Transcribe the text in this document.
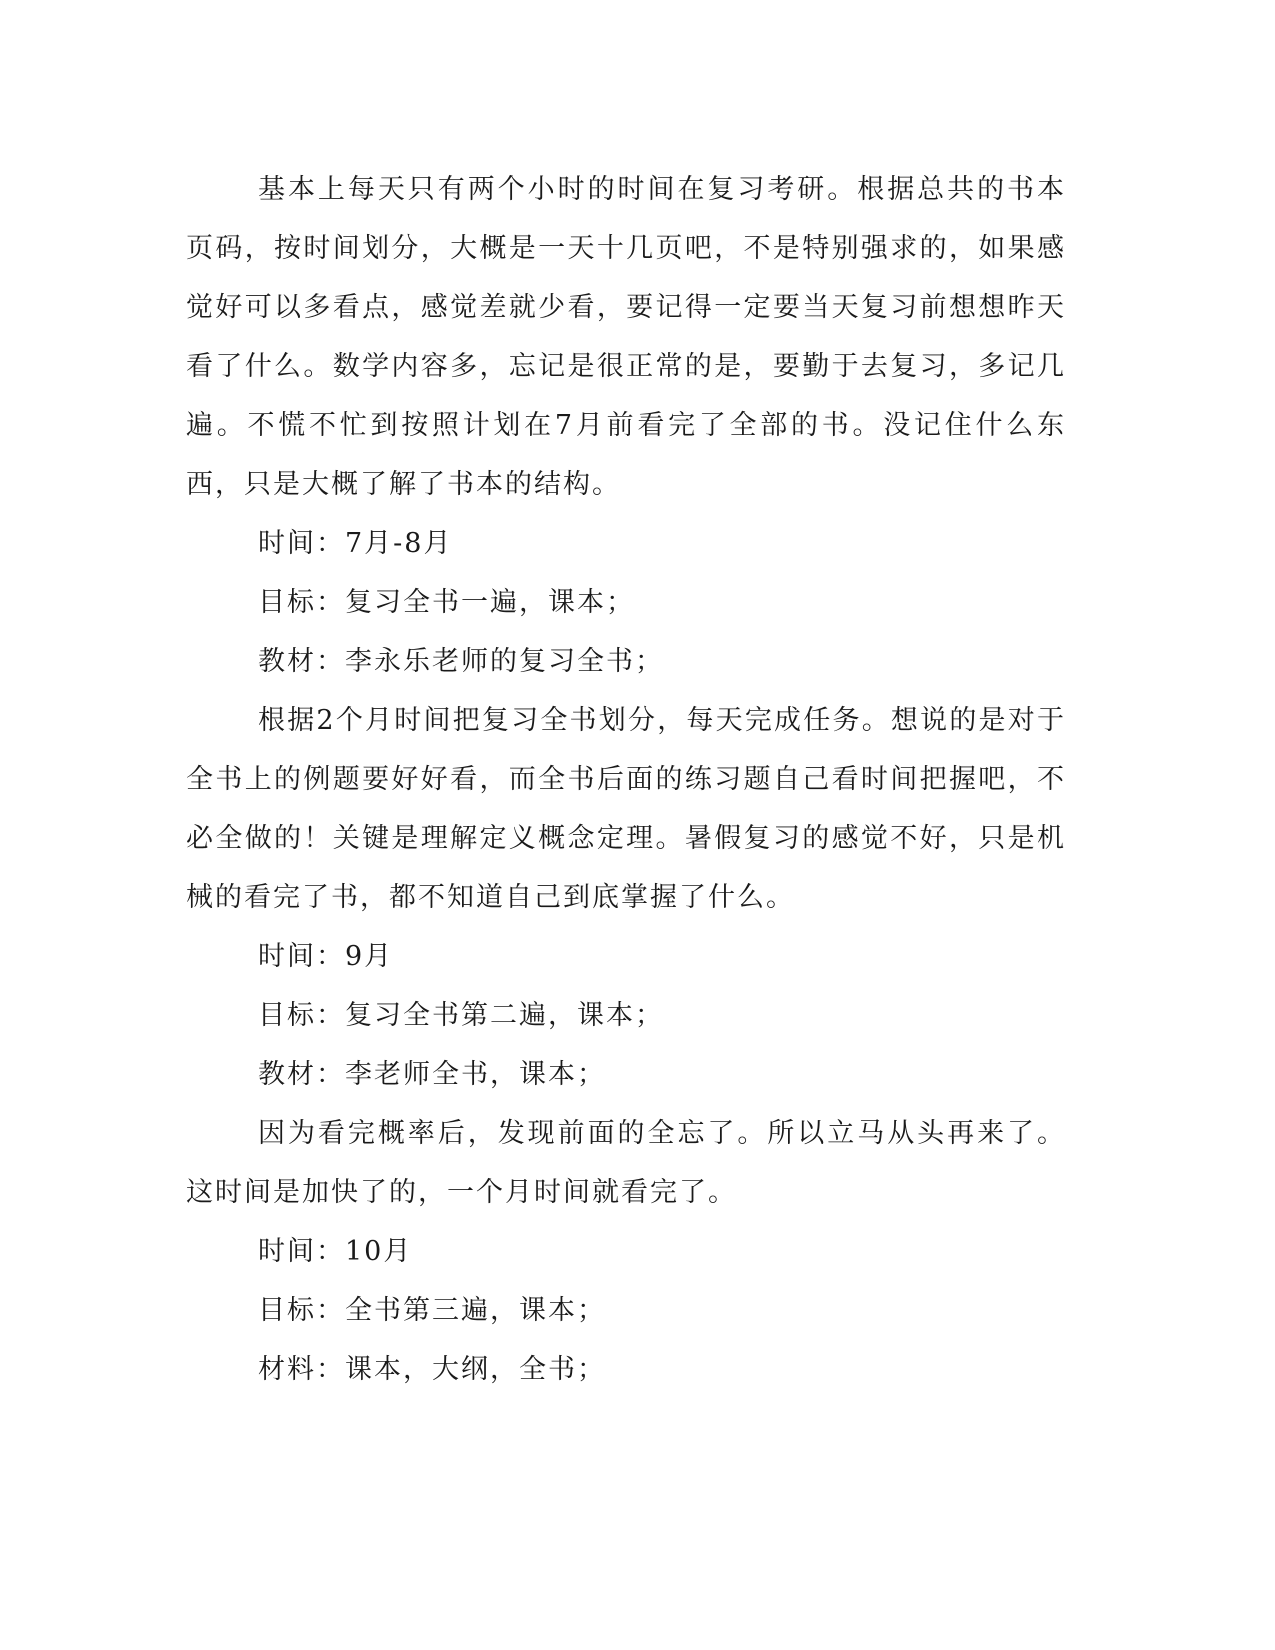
基本上每天只有两个小时的时间在复习考研。根据总共的书本页码，按时间划分，大概是一天十几页吧，不是特别强求的，如果感觉好可以多看点，感觉差就少看，要记得一定要当天复习前想想昨天看了什么。数学内容多，忘记是很正常的是，要勤于去复习，多记几遍。不慌不忙到按照计划在7月前看完了全部的书。没记住什么东西，只是大概了解了书本的结构。

时间：7月-8月

目标：复习全书一遍，课本；

教材：李永乐老师的复习全书；

根据2个月时间把复习全书划分，每天完成任务。想说的是对于全书上的例题要好好看，而全书后面的练习题自己看时间把握吧，不必全做的！关键是理解定义概念定理。暑假复习的感觉不好，只是机械的看完了书，都不知道自己到底掌握了什么。

时间：9月

目标：复习全书第二遍，课本；

教材：李老师全书，课本；

因为看完概率后，发现前面的全忘了。所以立马从头再来了。这时间是加快了的，一个月时间就看完了。

时间：10月

目标：全书第三遍，课本；

材料：课本，大纲，全书；
